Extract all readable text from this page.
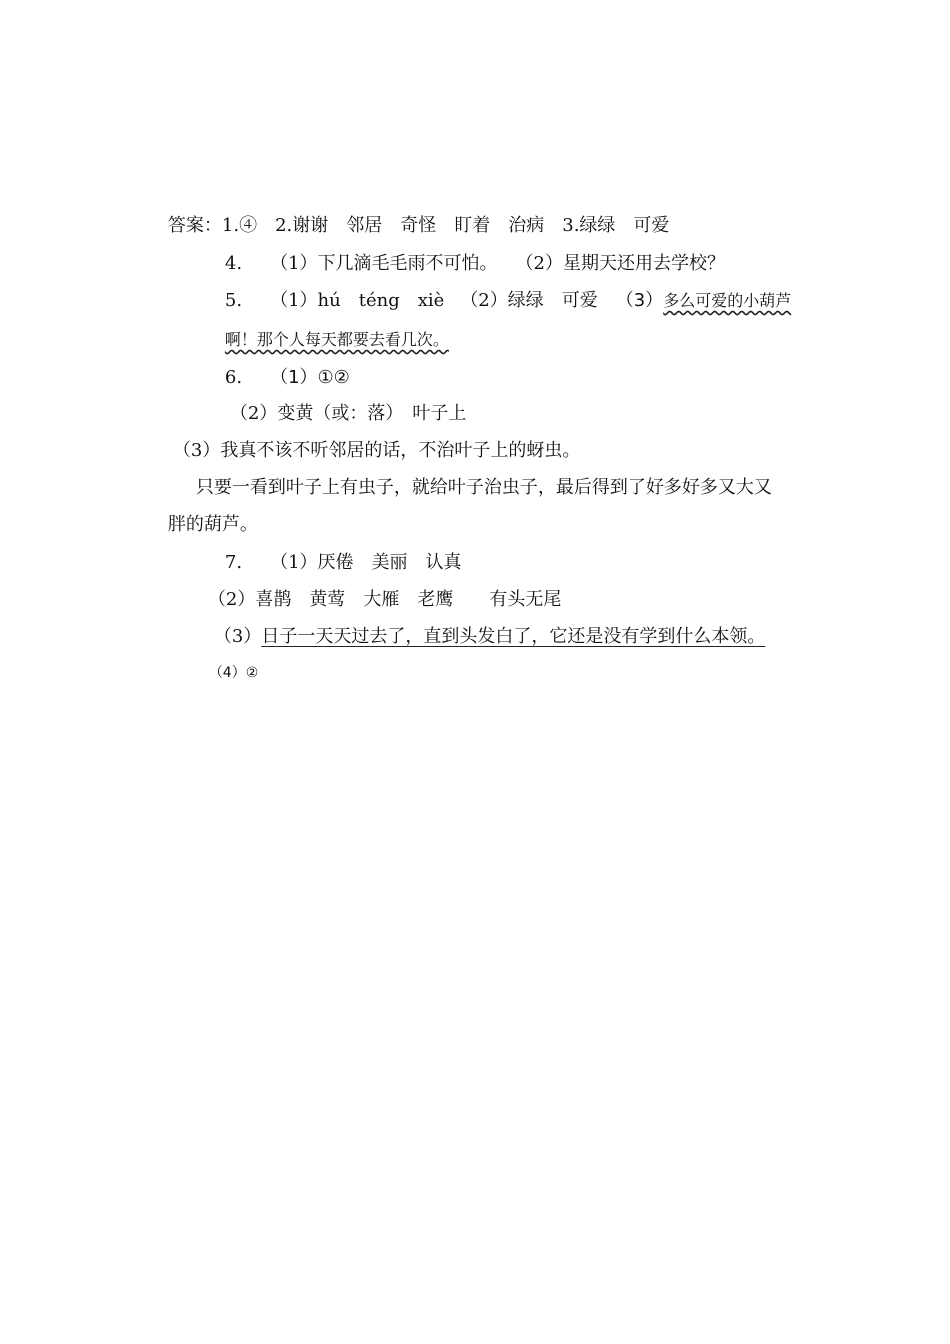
答案：1.④　2.谢谢　邻居　奇怪　盯着　治病　3.绿绿　可爱

4. （1）下几滴毛毛雨不可怕。 （2）星期天还用去学校？

5. （1）hú　téng　xiè （2）绿绿　可爱 （3）多么可爱的小葫芦

啊！那个人每天都要去看几次。

6. （1）①②

（2）变黄（或：落）　叶子上

（3）我真不该不听邻居的话，不治叶子上的蚜虫。

只要一看到叶子上有虫子，就给叶子治虫子，最后得到了好多好多又大又

胖的葫芦。

7. （1）厌倦　美丽　认真

（2）喜鹊　黄莺　大雁　老鹰　　有头无尾

（3）日子一天天过去了，直到头发白了，它还是没有学到什么本领。

（4）②
